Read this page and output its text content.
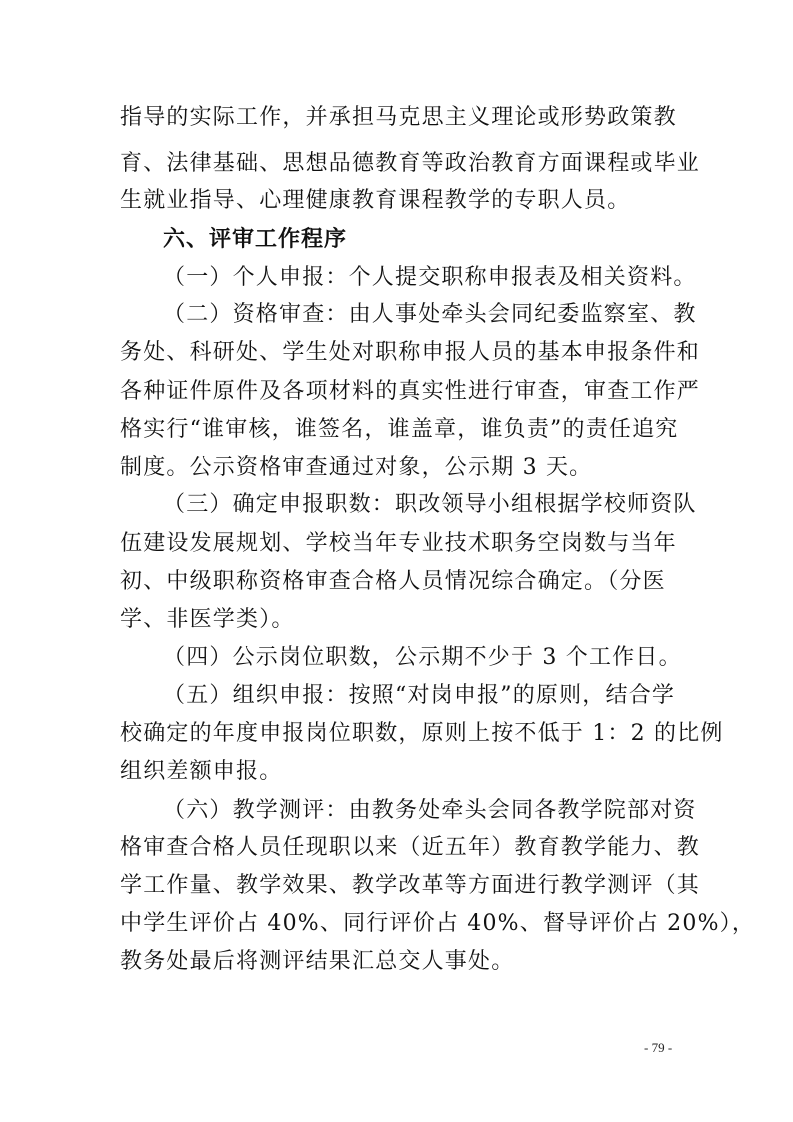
指导的实际工作，并承担马克思主义理论或形势政策教
育、法律基础、思想品德教育等政治教育方面课程或毕业
生就业指导、心理健康教育课程教学的专职人员。
六、评审工作程序
（一）个人申报：个人提交职称申报表及相关资料。
（二）资格审查：由人事处牵头会同纪委监察室、教
务处、科研处、学生处对职称申报人员的基本申报条件和
各种证件原件及各项材料的真实性进行审查，审查工作严
格实行“谁审核，谁签名，谁盖章，谁负责”的责任追究
制度。公示资格审查通过对象，公示期 3 天。
（三）确定申报职数：职改领导小组根据学校师资队
伍建设发展规划、学校当年专业技术职务空岗数与当年
初、中级职称资格审查合格人员情况综合确定。（分医
学、非医学类）。
（四）公示岗位职数，公示期不少于 3 个工作日。
（五）组织申报：按照“对岗申报”的原则，结合学
校确定的年度申报岗位职数，原则上按不低于 1：2 的比例
组织差额申报。
（六）教学测评：由教务处牵头会同各教学院部对资
格审查合格人员任现职以来（近五年）教育教学能力、教
学工作量、教学效果、教学改革等方面进行教学测评（其
中学生评价占 40%、同行评价占 40%、督导评价占 20%），
教务处最后将测评结果汇总交人事处。
- 79 -
